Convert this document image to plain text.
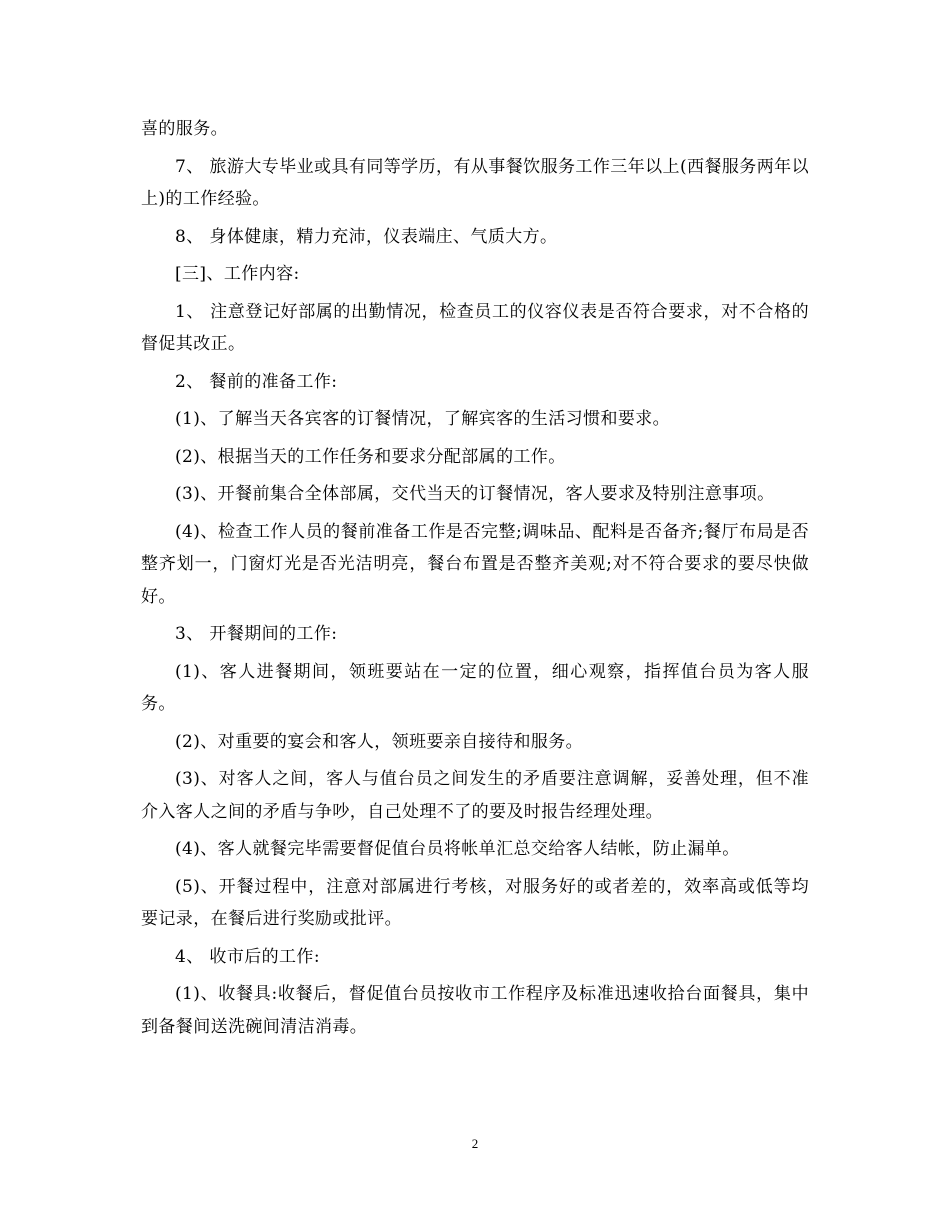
喜的服务。

7、 旅游大专毕业或具有同等学历，有从事餐饮服务工作三年以上(西餐服务两年以上)的工作经验。

8、 身体健康，精力充沛，仪表端庄、气质大方。

[三]、工作内容:

1、 注意登记好部属的出勤情况，检查员工的仪容仪表是否符合要求，对不合格的督促其改正。

2、 餐前的准备工作:

(1)、了解当天各宾客的订餐情况，了解宾客的生活习惯和要求。

(2)、根据当天的工作任务和要求分配部属的工作。

(3)、开餐前集合全体部属，交代当天的订餐情况，客人要求及特别注意事项。

(4)、检查工作人员的餐前准备工作是否完整;调味品、配料是否备齐;餐厅布局是否整齐划一，门窗灯光是否光洁明亮，餐台布置是否整齐美观;对不符合要求的要尽快做好。

3、 开餐期间的工作:

(1)、客人进餐期间，领班要站在一定的位置，细心观察，指挥值台员为客人服务。

(2)、对重要的宴会和客人，领班要亲自接待和服务。

(3)、对客人之间，客人与值台员之间发生的矛盾要注意调解，妥善处理，但不准介入客人之间的矛盾与争吵，自己处理不了的要及时报告经理处理。

(4)、客人就餐完毕需要督促值台员将帐单汇总交给客人结帐，防止漏单。

(5)、开餐过程中，注意对部属进行考核，对服务好的或者差的，效率高或低等均要记录，在餐后进行奖励或批评。

4、 收市后的工作:

(1)、收餐具:收餐后，督促值台员按收市工作程序及标准迅速收拾台面餐具，集中到备餐间送洗碗间清洁消毒。

2
